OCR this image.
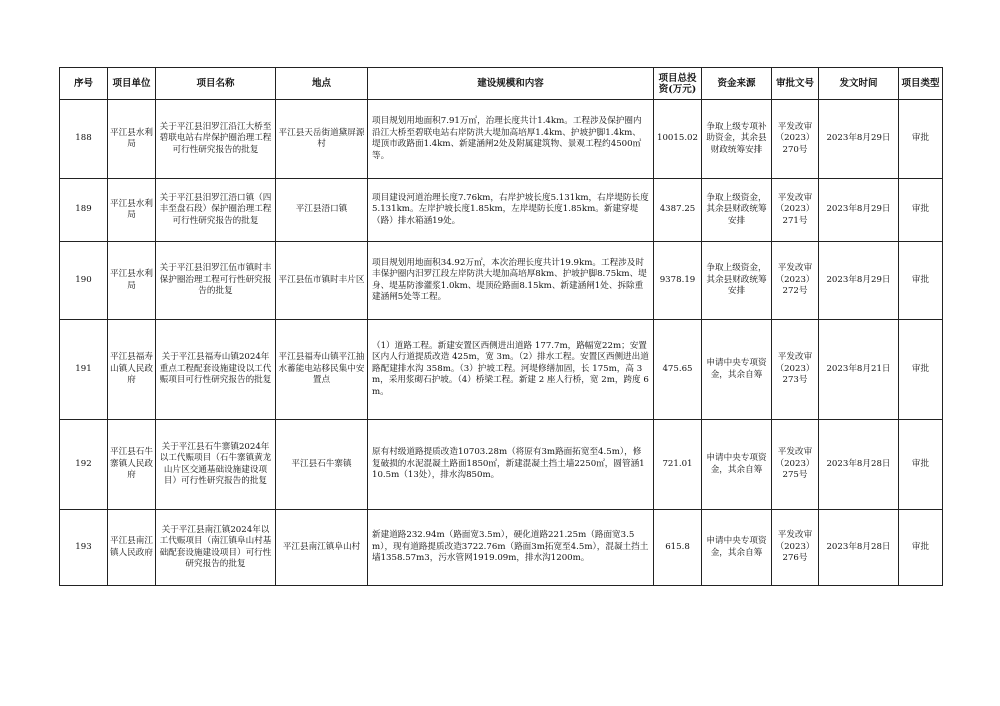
序号	项目单位	项目名称	地点	建设规模和内容	项目总投资(万元)	资金来源	审批文号	发文时间	项目类型
188	平江县水利局	关于平江县汨罗江沿江大桥至碧联电站右岸保护圈治理工程可行性研究报告的批复	平江县天岳街道黛屏源村	项目规划用地面积7.91万㎡，治理长度共计1.4km。工程涉及保护圈内沿江大桥至碧联电站右岸防洪大堤加高培厚1.4km、护坡护脚1.4km、堤顶市政路面1.4km、新建涵闸2处及附属建筑物、景观工程约4500㎡等。	10015.02	争取上级专项补助资金，其余县财政统筹安排	平发改审（2023）270号	2023年8月29日	审批
189	平江县水利局	关于平江县汨罗江浯口镇（四丰至盘石段）保护圈治理工程可行性研究报告的批复	平江县浯口镇	项目建设河道治理长度7.76km，右岸护坡长度5.131km，右岸堤防长度5.131km。左岸护坡长度1.85km，左岸堤防长度1.85km。新建穿堤（路）排水箱涵19处。	4387.25	争取上级资金，其余县财政统筹安排	平发改审（2023）271号	2023年8月29日	审批
190	平江县水利局	关于平江县汨罗江伍市镇时丰保护圈治理工程可行性研究报告的批复	平江县伍市镇时丰片区	项目规划用地面积34.92万㎡，本次治理长度共计19.9km。工程涉及时丰保护圈内汨罗江段左岸防洪大堤加高培厚8km、护坡护脚8.75km、堤身、堤基防渗灌浆1.0km、堤顶砼路面8.15km、新建涵闸1处、拆除重建涵闸5处等工程。	9378.19	争取上级资金，其余县财政统筹安排	平发改审（2023）272号	2023年8月29日	审批
191	平江县福寿山镇人民政府	关于平江县福寿山镇2024年重点工程配套设施建设以工代赈项目可行性研究报告的批复	平江县福寿山镇平江抽水蓄能电站移民集中安置点	（1）道路工程。新建安置区西侧进出道路 177.7m，路幅宽22m；安置区内人行道提质改造 425m，宽 3m。（2）排水工程。安置区西侧进出道路配建排水沟 358m。（3）护坡工程。河堤修缮加固，长 175m，高 3m，采用浆砌石护坡。（4）桥梁工程。新建 2 座人行桥，宽 2m，跨度 6m。	475.65	申请中央专项资金，其余自筹	平发改审（2023）273号	2023年8月21日	审批
192	平江县石牛寨镇人民政府	关于平江县石牛寨镇2024年以工代赈项目（石牛寨镇黄龙山片区交通基础设施建设项目）可行性研究报告的批复	平江县石牛寨镇	原有村级道路提质改造10703.28m（将原有3m路面拓宽至4.5m），修复破损的水泥混凝土路面1850㎡，新建混凝土挡土墙2250㎡，圆管涵110.5m（13处），排水沟850m。	721.01	申请中央专项资金，其余自筹	平发改审（2023）275号	2023年8月28日	审批
193	平江县南江镇人民政府	关于平江县南江镇2024年以工代赈项目（南江镇阜山村基础配套设施建设项目）可行性研究报告的批复	平江县南江镇阜山村	新建道路232.94m（路面宽3.5m），硬化道路221.25m（路面宽3.5m），现有道路提质改造3722.76m（路面3m拓宽至4.5m），混凝土挡土墙1358.57m3，污水管网1919.09m，排水沟1200m。	615.8	申请中央专项资金，其余自筹	平发改审（2023）276号	2023年8月28日	审批
